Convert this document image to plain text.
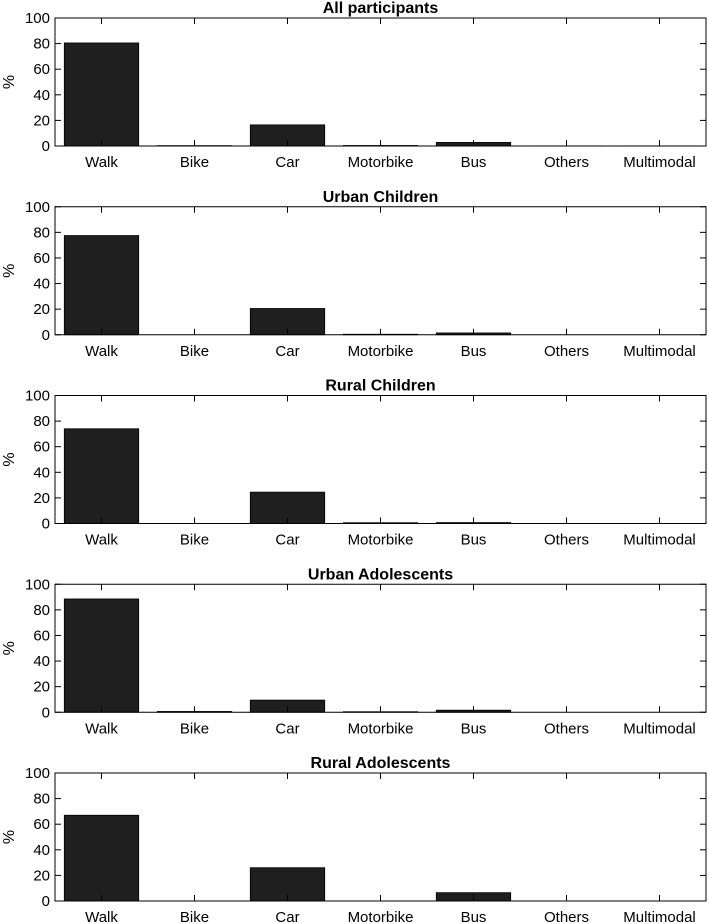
All participants
0
20
40
60
80
100
Walk	Bike	Car	Motorbike	Bus	Others Multimodal
%
Urban Children
0
20
40
60
80
100
Walk	Bike	Car	Motorbike	Bus	Others Multimodal
%
Rural Children
0
20
40
60
80
100
Walk	Bike	Car	Motorbike	Bus	Others Multimodal
%
Urban Adolescents
0
20
40
60
80
100
Walk	Bike	Car	Motorbike	Bus	Others Multimodal
%
Rural Adolescents
0
20
40
60
80
100
Walk	Bike	Car	Motorbike	Bus	Others Multimodal
%
